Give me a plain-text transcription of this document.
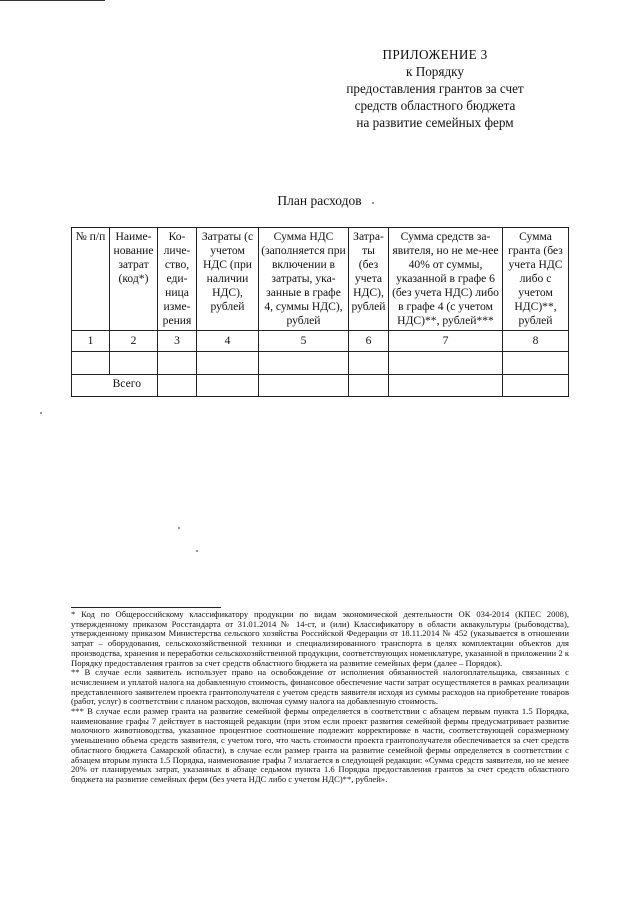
ПРИЛОЖЕНИЕ 3
к Порядку
предоставления грантов за счет
средств областного бюджета
на развитие семейных ферм
План расходов
№ п/п	Наиме-нование затрат (код*)	Ко-личе-ство, еди-ница изме-рения	Затраты (с учетом НДС (при наличии НДС), рублей	Сумма НДС (заполняется при включении в затраты, ука-занные в графе 4, суммы НДС), рублей	Затра-ты (без учета НДС), рублей	Сумма средств за-явителя, но не ме-нее 40% от суммы, указанной в графе 6 (без учета НДС) либо в графе 4 (с учетом НДС)**, рублей***	Сумма гранта (без учета НДС либо с учетом НДС)**, рублей
1	2	3	4	5	6	7	8

Всего							

* Код по Общероссийскому классификатору продукции по видам экономической деятельности ОК 034-2014 (КПЕС 2008), утвержденному приказом Росстандарта от 31.01.2014 № 14-ст, и (или) Классификатору в области аквакультуры (рыбоводства), утвержденному приказом Министерства сельского хозяйства Российской Федерации от 18.11.2014 № 452 (указывается в отношении затрат – оборудования, сельскохозяйственной техники и специализированного транспорта в целях комплектации объектов для производства, хранения и переработки сельскохозяйственной продукции, соответствующих номенклатуре, указанной в приложении 2 к Порядку предоставления грантов за счет средств областного бюджета на развитие семейных ферм (далее – Порядок).

** В случае если заявитель использует право на освобождение от исполнения обязанностей налогоплательщика, связанных с исчислением и уплатой налога на добавленную стоимость, финансовое обеспечение части затрат осуществляется в рамках реализации представленного заявителем проекта грантополучателя с учетом средств заявителя исходя из суммы расходов на приобретение товаров (работ, услуг) в соответствии с планом расходов, включая сумму налога на добавленную стоимость.

*** В случае если размер гранта на развитие семейной фермы определяется в соответствии с абзацем первым пункта 1.5 Порядка, наименование графы 7 действует в настоящей редакции (при этом если проект развития семейной фермы предусматривает развитие молочного животноводства, указанное процентное соотношение подлежит корректировке в части, соответствующей соразмерному уменьшению объема средств заявителя, с учетом того, что часть стоимости проекта грантополучателя обеспечивается за счет средств областного бюджета Самарской области), в случае если размер гранта на развитие семейной фермы определяется в соответствии с абзацем вторым пункта 1.5 Порядка, наименование графы 7 излагается в следующей редакции: «Сумма средств заявителя, но не менее 20% от планируемых затрат, указанных в абзаце седьмом пункта 1.6 Порядка предоставления грантов за счет средств областного бюджета на развитие семейных ферм (без учета НДС либо с учетом НДС)**, рублей».
